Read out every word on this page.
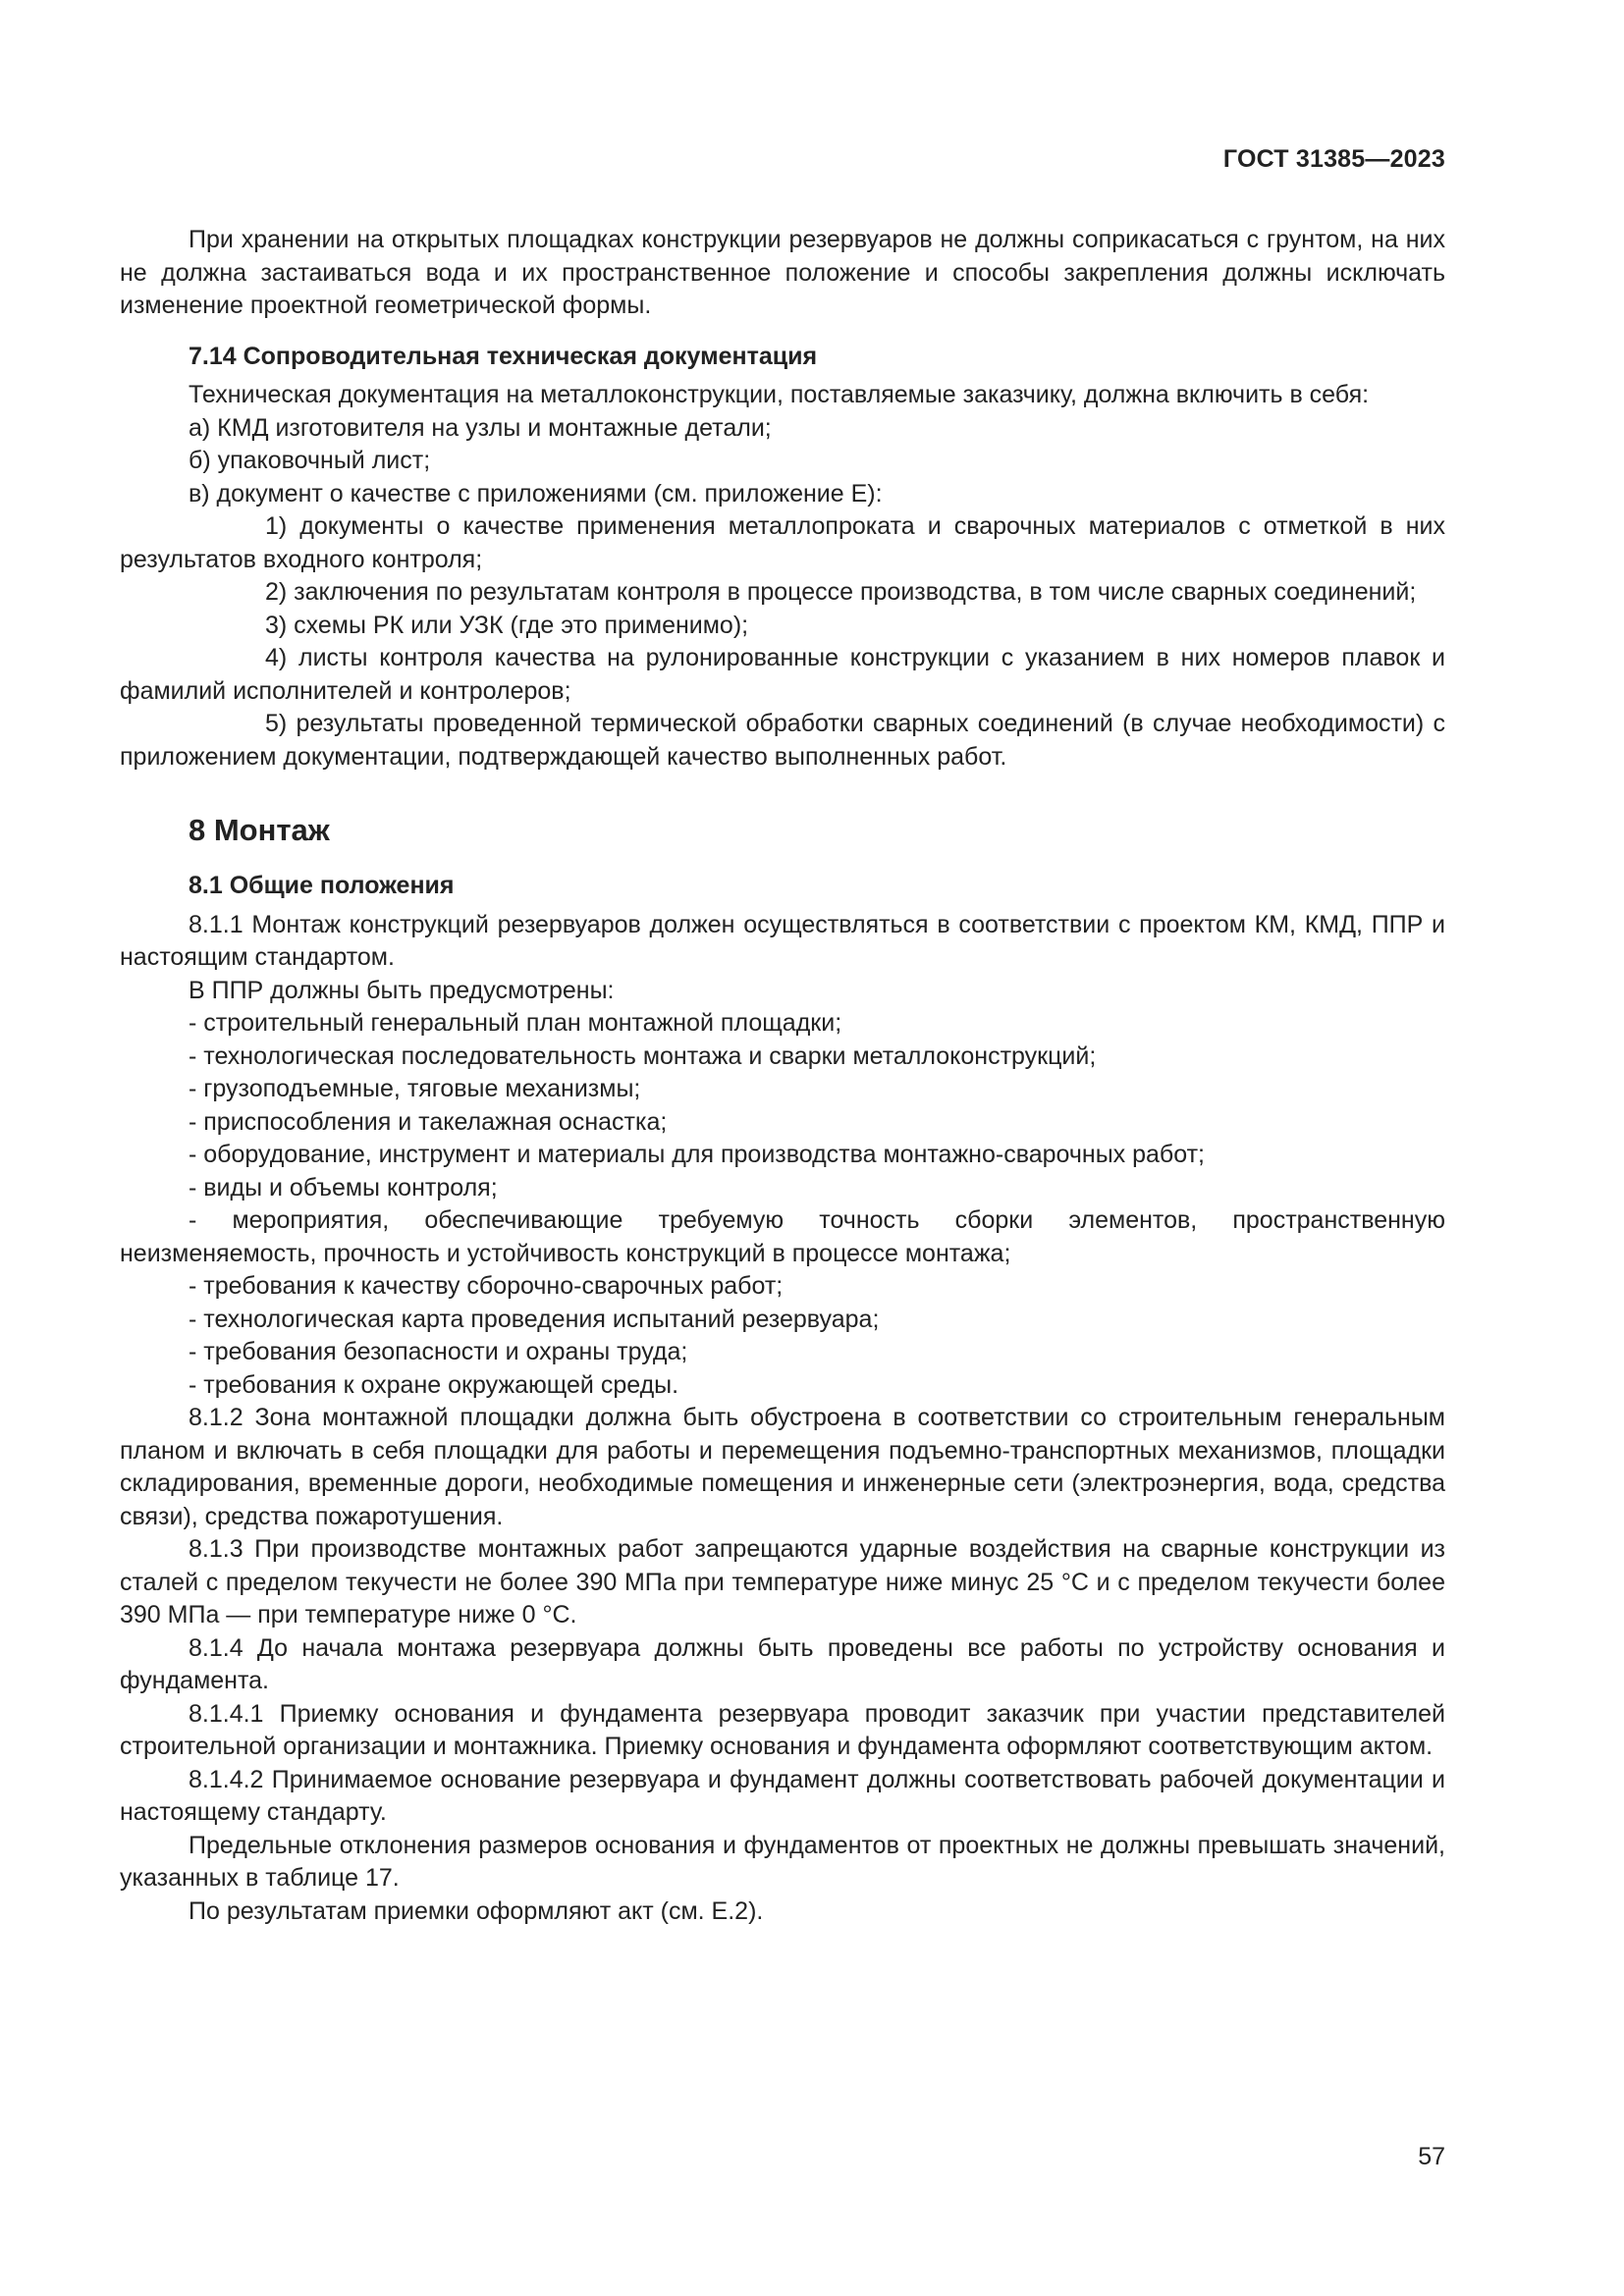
ГОСТ 31385—2023

При хранении на открытых площадках конструкции резервуаров не должны соприкасаться с грунтом, на них не должна застаиваться вода и их пространственное положение и способы закрепления должны исключать изменение проектной геометрической формы.

7.14 Сопроводительная техническая документация

Техническая документация на металлоконструкции, поставляемые заказчику, должна включить в себя:

а) КМД изготовителя на узлы и монтажные детали;

б) упаковочный лист;

в) документ о качестве с приложениями (см. приложение Е):

1) документы о качестве применения металлопроката и сварочных материалов с отметкой в них результатов входного контроля;

2) заключения по результатам контроля в процессе производства, в том числе сварных соединений;

3) схемы РК или УЗК (где это применимо);

4) листы контроля качества на рулонированные конструкции с указанием в них номеров плавок и фамилий исполнителей и контролеров;

5) результаты проведенной термической обработки сварных соединений (в случае необходимости) с приложением документации, подтверждающей качество выполненных работ.

8 Монтаж
8.1 Общие положения

8.1.1 Монтаж конструкций резервуаров должен осуществляться в соответствии с проектом КМ, КМД, ППР и настоящим стандартом.

В ППР должны быть предусмотрены:

- строительный генеральный план монтажной площадки;

- технологическая последовательность монтажа и сварки металлоконструкций;

- грузоподъемные, тяговые механизмы;

- приспособления и такелажная оснастка;

- оборудование, инструмент и материалы для производства монтажно-сварочных работ;

- виды и объемы контроля;

- мероприятия, обеспечивающие требуемую точность сборки элементов, пространственную неизменяемость, прочность и устойчивость конструкций в процессе монтажа;

- требования к качеству сборочно-сварочных работ;

- технологическая карта проведения испытаний резервуара;

- требования безопасности и охраны труда;

- требования к охране окружающей среды.

8.1.2 Зона монтажной площадки должна быть обустроена в соответствии со строительным генеральным планом и включать в себя площадки для работы и перемещения подъемно-транспортных механизмов, площадки складирования, временные дороги, необходимые помещения и инженерные сети (электроэнергия, вода, средства связи), средства пожаротушения.

8.1.3 При производстве монтажных работ запрещаются ударные воздействия на сварные конструкции из сталей с пределом текучести не более 390 МПа при температуре ниже минус 25 °С и с пределом текучести более 390 МПа — при температуре ниже 0 °С.

8.1.4 До начала монтажа резервуара должны быть проведены все работы по устройству основания и фундамента.

8.1.4.1 Приемку основания и фундамента резервуара проводит заказчик при участии представителей строительной организации и монтажника. Приемку основания и фундамента оформляют соответствующим актом.

8.1.4.2 Принимаемое основание резервуара и фундамент должны соответствовать рабочей документации и настоящему стандарту.

Предельные отклонения размеров основания и фундаментов от проектных не должны превышать значений, указанных в таблице 17.

По результатам приемки оформляют акт (см. Е.2).

57
